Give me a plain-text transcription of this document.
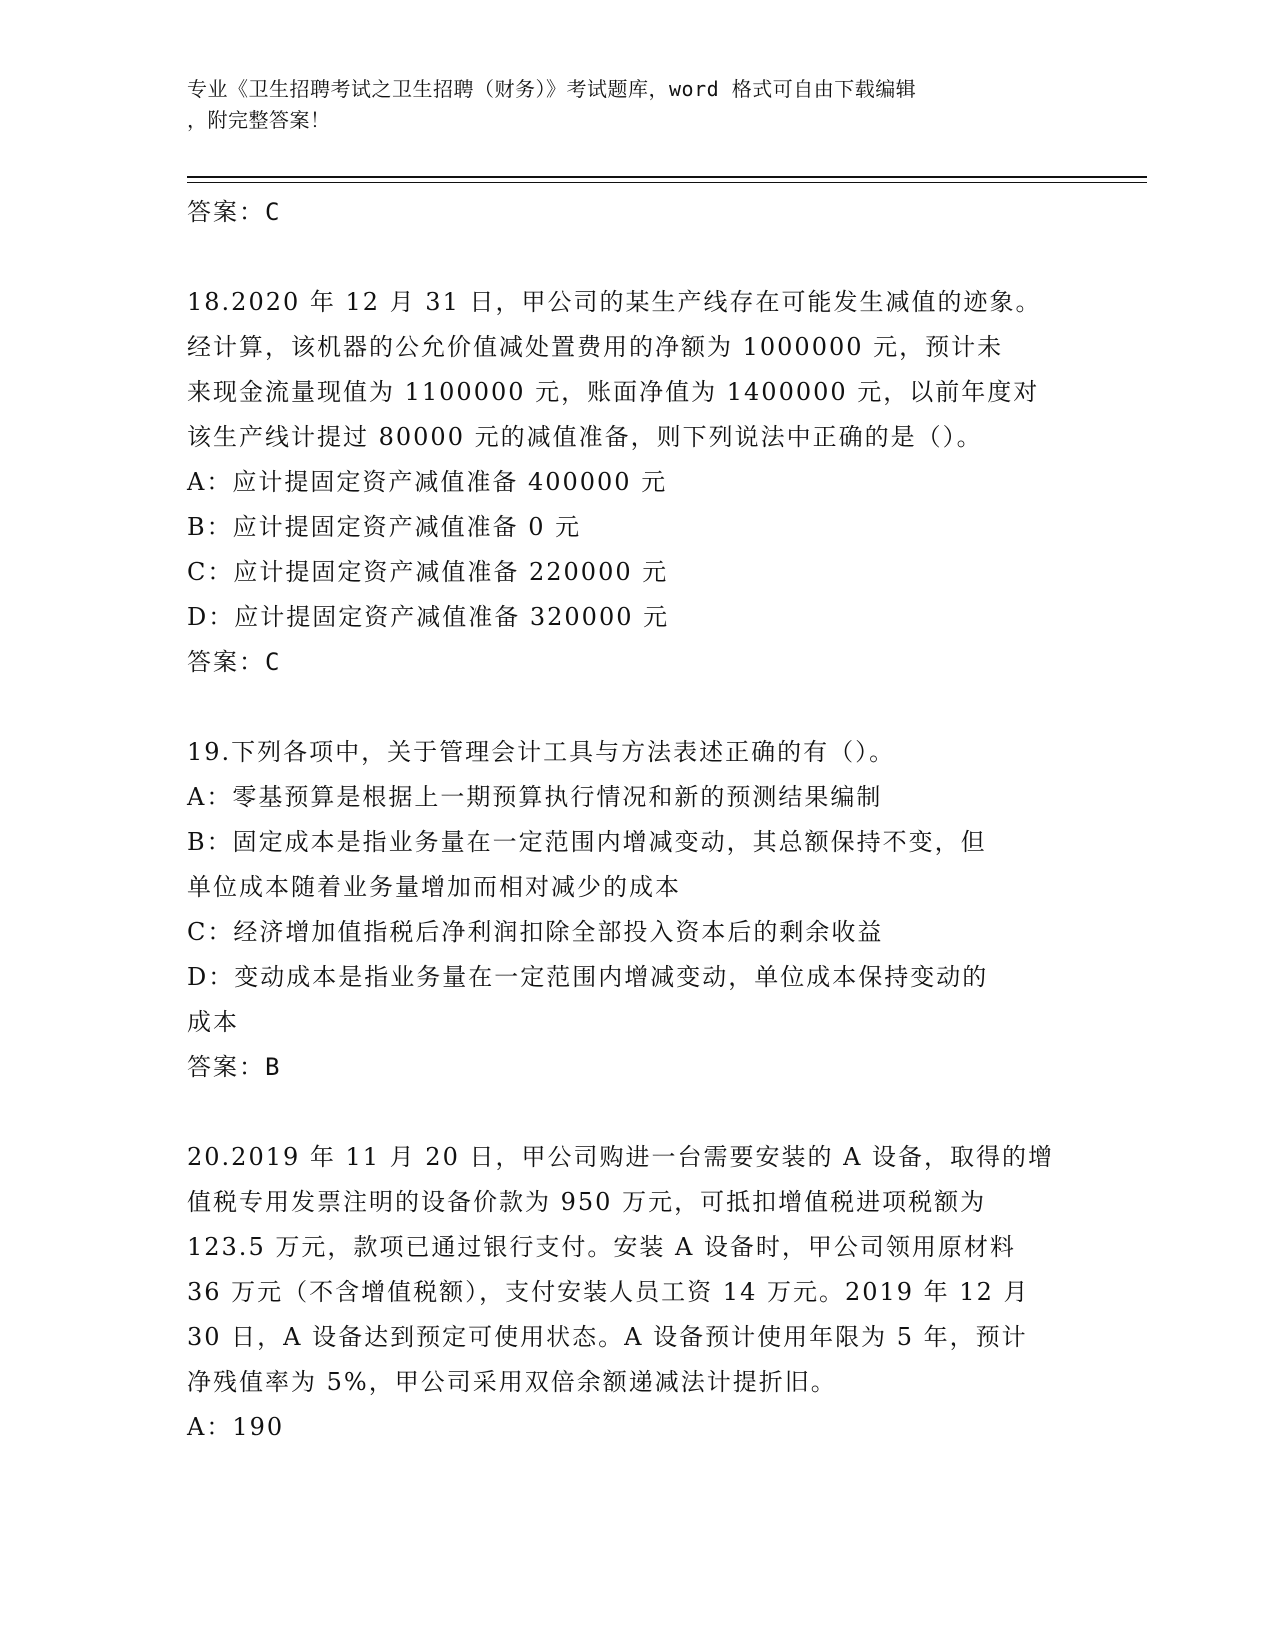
专业《卫生招聘考试之卫生招聘（财务）》考试题库，word 格式可自由下载编辑
，附完整答案！
答案：C
18.2020 年 12 月 31 日，甲公司的某生产线存在可能发生减值的迹象。
经计算，该机器的公允价值减处置费用的净额为 1000000 元，预计未
来现金流量现值为 1100000 元，账面净值为 1400000 元，以前年度对
该生产线计提过 80000 元的减值准备，则下列说法中正确的是（）。
A：应计提固定资产减值准备 400000 元
B：应计提固定资产减值准备 0 元
C：应计提固定资产减值准备 220000 元
D：应计提固定资产减值准备 320000 元
答案：C
19.下列各项中，关于管理会计工具与方法表述正确的有（）。
A：零基预算是根据上一期预算执行情况和新的预测结果编制
B：固定成本是指业务量在一定范围内增减变动，其总额保持不变，但
单位成本随着业务量增加而相对减少的成本
C：经济增加值指税后净利润扣除全部投入资本后的剩余收益
D：变动成本是指业务量在一定范围内增减变动，单位成本保持变动的
成本
答案：B
20.2019 年 11 月 20 日，甲公司购进一台需要安装的 A 设备，取得的增
值税专用发票注明的设备价款为 950 万元，可抵扣增值税进项税额为
123.5 万元，款项已通过银行支付。安装 A 设备时，甲公司领用原材料
36 万元（不含增值税额），支付安装人员工资 14 万元。2019 年 12 月
30 日，A 设备达到预定可使用状态。A 设备预计使用年限为 5 年，预计
净残值率为 5%，甲公司采用双倍余额递减法计提折旧。
A：190
